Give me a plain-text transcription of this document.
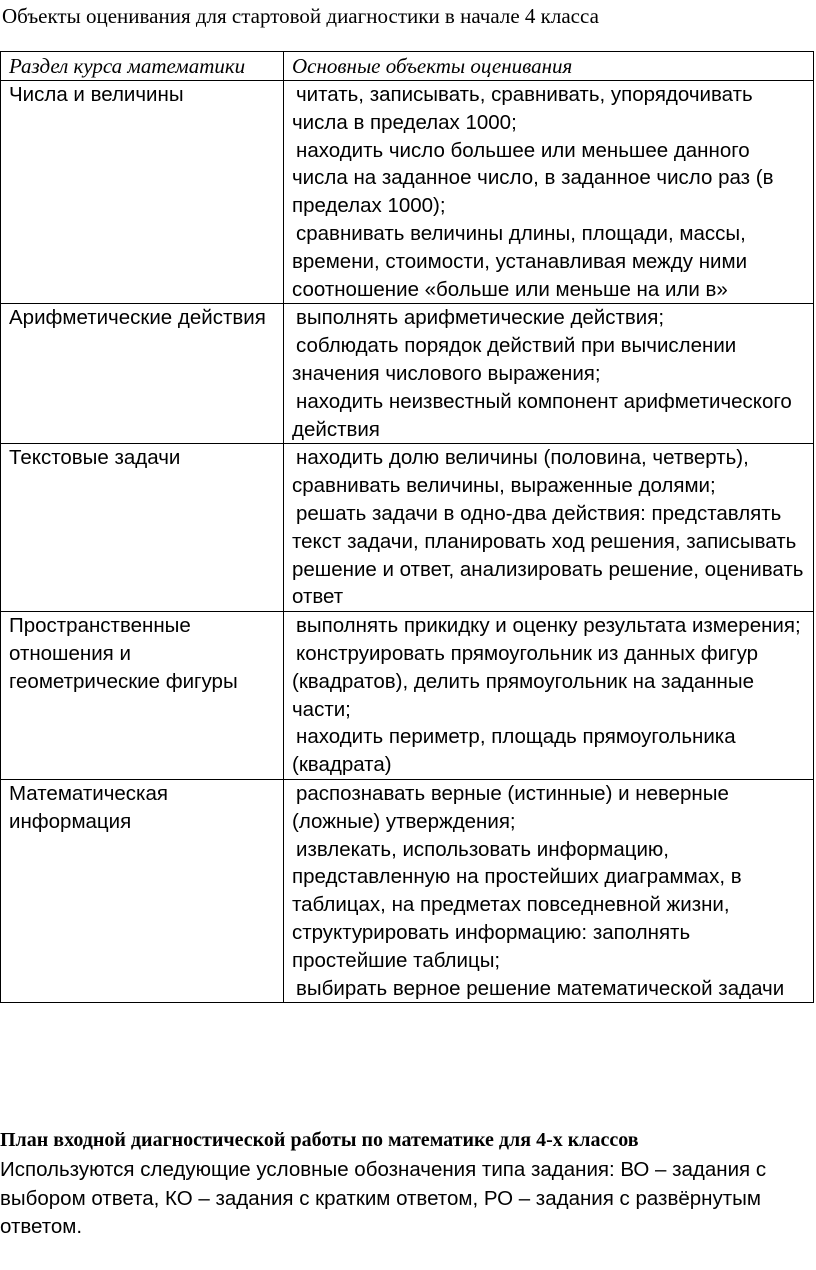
Объекты оценивания для стартовой диагностики в начале 4 класса
Раздел курса математики	Основные объекты оценивания
Числа и величины	читать, записывать, сравнивать, упорядочивать числа в пределах 1000;
находить число большее или меньшее данного числа на заданное число, в заданное число раз (в пределах 1000);
сравнивать величины длины, площади, массы, времени, стоимости, устанавливая между ними соотношение «больше или меньше на или в»

Арифметические действия	выполнять арифметические действия;
соблюдать порядок действий при вычислении значения числового выражения;
находить неизвестный компонент арифметического действия

Текстовые задачи	находить долю величины (половина, четверть), сравнивать величины, выраженные долями;
решать задачи в одно-два действия: представлять текст задачи, планировать ход решения, записывать решение и ответ, анализировать решение, оценивать ответ

Пространственные отношения и геометрические фигуры	выполнять прикидку и оценку результата измерения;
конструировать прямоугольник из данных фигур (квадратов), делить прямоугольник на заданные части;
находить периметр, площадь прямоугольника (квадрата)

Математическая информация	распознавать верные (истинные) и неверные (ложные) утверждения;
извлекать, использовать информацию, представленную на простейших диаграммах, в таблицах, на предметах повседневной жизни, структурировать информацию: заполнять простейшие таблицы;
выбирать верное решение математической задачи
План входной диагностической работы по математике для 4-х классов
Используются следующие условные обозначения типа задания: ВО – задания с выбором ответа, КО – задания с кратким ответом, РО – задания с развёрнутым ответом.
